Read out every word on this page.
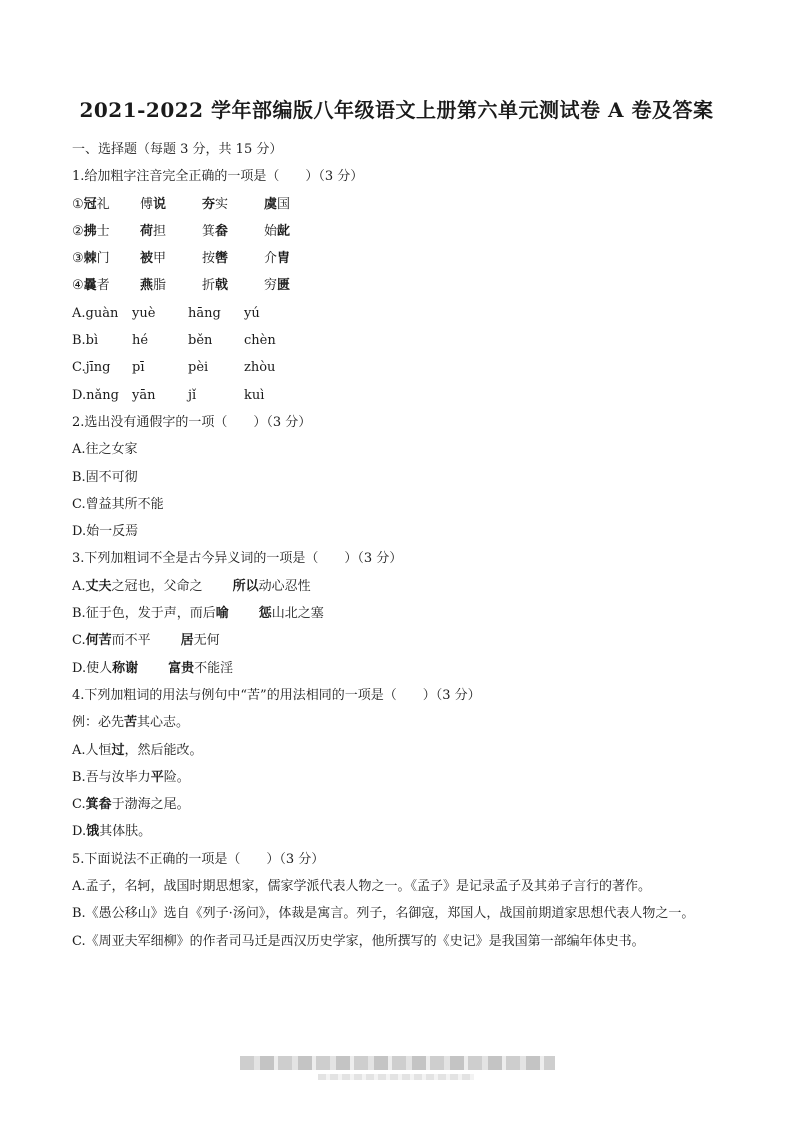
2021-2022 学年部编版八年级语文上册第六单元测试卷 A 卷及答案
一、选择题（每题 3 分，共 15 分）
1.给加粗字注音完全正确的一项是（　　）（3 分）
①冠礼 傅说	夯实	虞国
②拂士 荷担	箕畚	始龀
③棘门 被甲	按辔	介胄
④曩者 燕脂	折戟	穷匮
A.guàn yuè	hāng yú
B.bì	hé	běn chèn
C.jīng pī	pèi	zhòu
D.nǎng yān	jǐ	kuì
2.选出没有通假字的一项（　　）（3 分）
A.往之女家
B.固不可彻
C.曾益其所不能
D.始一反焉
3.下列加粗词不全是古今异义词的一项是（　　）（3 分）
A.丈夫之冠也，父命之 所以动心忍性
B.征于色，发于声，而后喻 惩山北之塞
C.何苦而不平 居无何
D.使人称谢 富贵不能淫
4.下列加粗词的用法与例句中“苦”的用法相同的一项是（　　）（3 分）
例：必先苦其心志。
A.人恒过，然后能改。
B.吾与汝毕力平险。
C.箕畚于渤海之尾。
D.饿其体肤。
5.下面说法不正确的一项是（　　）（3 分）
A.孟子，名轲，战国时期思想家，儒家学派代表人物之一。《孟子》是记录孟子及其弟子言行的著作。
B.《愚公移山》选自《列子·汤问》，体裁是寓言。列子，名御寇，郑国人，战国前期道家思想代表人物之一。
C.《周亚夫军细柳》的作者司马迁是西汉历史学家，他所撰写的《史记》是我国第一部编年体史书。
